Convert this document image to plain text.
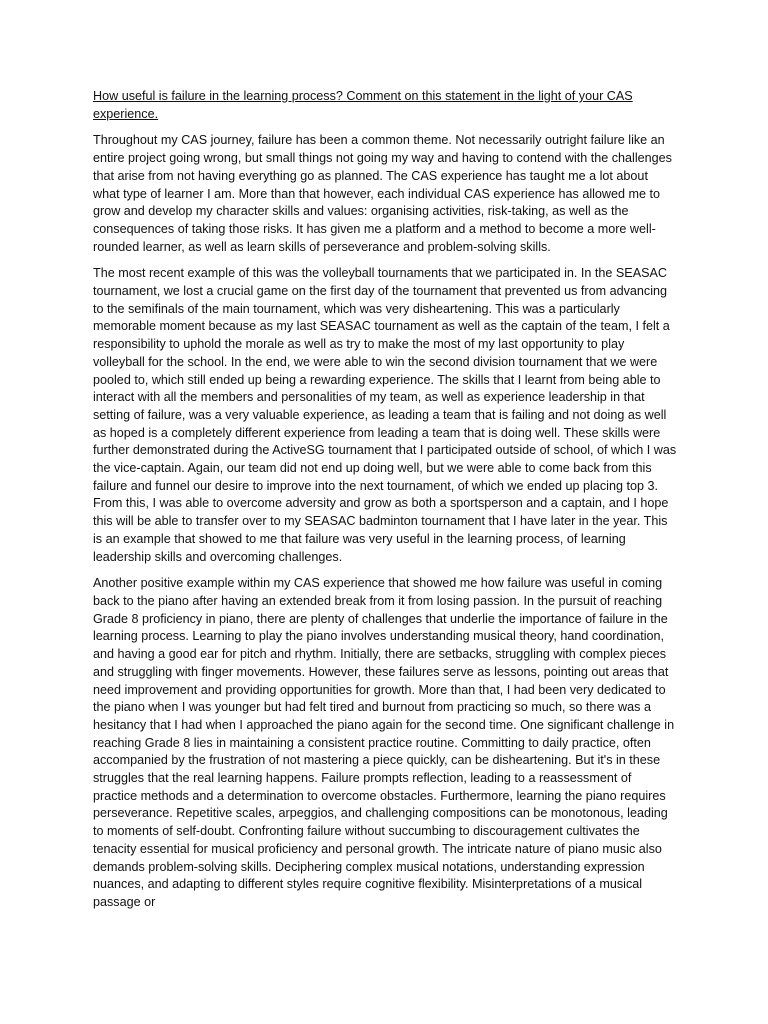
How useful is failure in the learning process? Comment on this statement in the light of your CAS experience.

Throughout my CAS journey, failure has been a common theme. Not necessarily outright failure like an entire project going wrong, but small things not going my way and having to contend with the challenges that arise from not having everything go as planned. The CAS experience has taught me a lot about what type of learner I am. More than that however, each individual CAS experience has allowed me to grow and develop my character skills and values: organising activities, risk-taking, as well as the consequences of taking those risks. It has given me a platform and a method to become a more well-rounded learner, as well as learn skills of perseverance and problem-solving skills.

The most recent example of this was the volleyball tournaments that we participated in. In the SEASAC tournament, we lost a crucial game on the first day of the tournament that prevented us from advancing to the semifinals of the main tournament, which was very disheartening. This was a particularly memorable moment because as my last SEASAC tournament as well as the captain of the team, I felt a responsibility to uphold the morale as well as try to make the most of my last opportunity to play volleyball for the school. In the end, we were able to win the second division tournament that we were pooled to, which still ended up being a rewarding experience. The skills that I learnt from being able to interact with all the members and personalities of my team, as well as experience leadership in that setting of failure, was a very valuable experience, as leading a team that is failing and not doing as well as hoped is a completely different experience from leading a team that is doing well. These skills were further demonstrated during the ActiveSG tournament that I participated outside of school, of which I was the vice-captain. Again, our team did not end up doing well, but we were able to come back from this failure and funnel our desire to improve into the next tournament, of which we ended up placing top 3. From this, I was able to overcome adversity and grow as both a sportsperson and a captain, and I hope this will be able to transfer over to my SEASAC badminton tournament that I have later in the year. This is an example that showed to me that failure was very useful in the learning process, of learning leadership skills and overcoming challenges.

Another positive example within my CAS experience that showed me how failure was useful in coming back to the piano after having an extended break from it from losing passion. In the pursuit of reaching Grade 8 proficiency in piano, there are plenty of challenges that underlie the importance of failure in the learning process. Learning to play the piano involves understanding musical theory, hand coordination, and having a good ear for pitch and rhythm. Initially, there are setbacks, struggling with complex pieces and struggling with finger movements. However, these failures serve as lessons, pointing out areas that need improvement and providing opportunities for growth. More than that, I had been very dedicated to the piano when I was younger but had felt tired and burnout from practicing so much, so there was a hesitancy that I had when I approached the piano again for the second time. One significant challenge in reaching Grade 8 lies in maintaining a consistent practice routine. Committing to daily practice, often accompanied by the frustration of not mastering a piece quickly, can be disheartening. But it's in these struggles that the real learning happens. Failure prompts reflection, leading to a reassessment of practice methods and a determination to overcome obstacles. Furthermore, learning the piano requires perseverance. Repetitive scales, arpeggios, and challenging compositions can be monotonous, leading to moments of self-doubt. Confronting failure without succumbing to discouragement cultivates the tenacity essential for musical proficiency and personal growth. The intricate nature of piano music also demands problem-solving skills. Deciphering complex musical notations, understanding expression nuances, and adapting to different styles require cognitive flexibility. Misinterpretations of a musical passage or
